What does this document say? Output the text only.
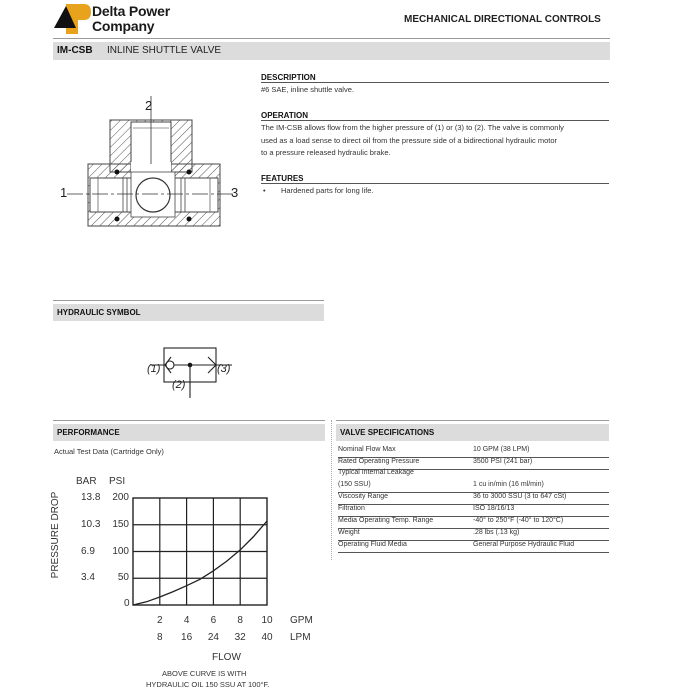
Delta Power
Company	MECHANICAL DIRECTIONAL CONTROLS
IM-CSB INLINE SHUTTLE VALVE
2
1	3
DESCRIPTION
#6 SAE, inline shuttle valve.
OPERATION
The IM-CSB allows flow from the higher pressure of (1) or (3) to (2). The valve is commonly
used as a load sense to direct oil from the pressure side of a bidirectional hydraulic motor
to a pressure released hydraulic brake.
FEATURES
• Hardened parts for long life.
HYDRAULIC SYMBOL
(1)
(2)
(3)
PERFORMANCE
Actual Test Data (Cartridge Only)
BAR PSI
PRESSURE DROP 3.4	50
6.9	100
10.3	150
13.8	200
0
2
8
4
16
6
24
8
32
10
40
GPM
LPM
FLOW
ABOVE CURVE IS WITH
HYDRAULIC OIL 150 SSU AT 100°F.
VALVE SPECIFICATIONS
Nominal Flow Max	10 GPM (38 LPM)
Rated Operating Pressure	3500 PSI (241 bar)
Typical Internal Leakage
(150 SSU)	1 cu in/min (16 ml/min)
Viscosity Range	36 to 3000 SSU (3 to 647 cSt)
Filtration	ISO 18/16/13
Media Operating Temp. Range	-40° to 250°F (-40° to 120°C)
Weight	.28 lbs (.13 kg)
Operating Fluid Media	General Purpose Hydraulic Fluid
